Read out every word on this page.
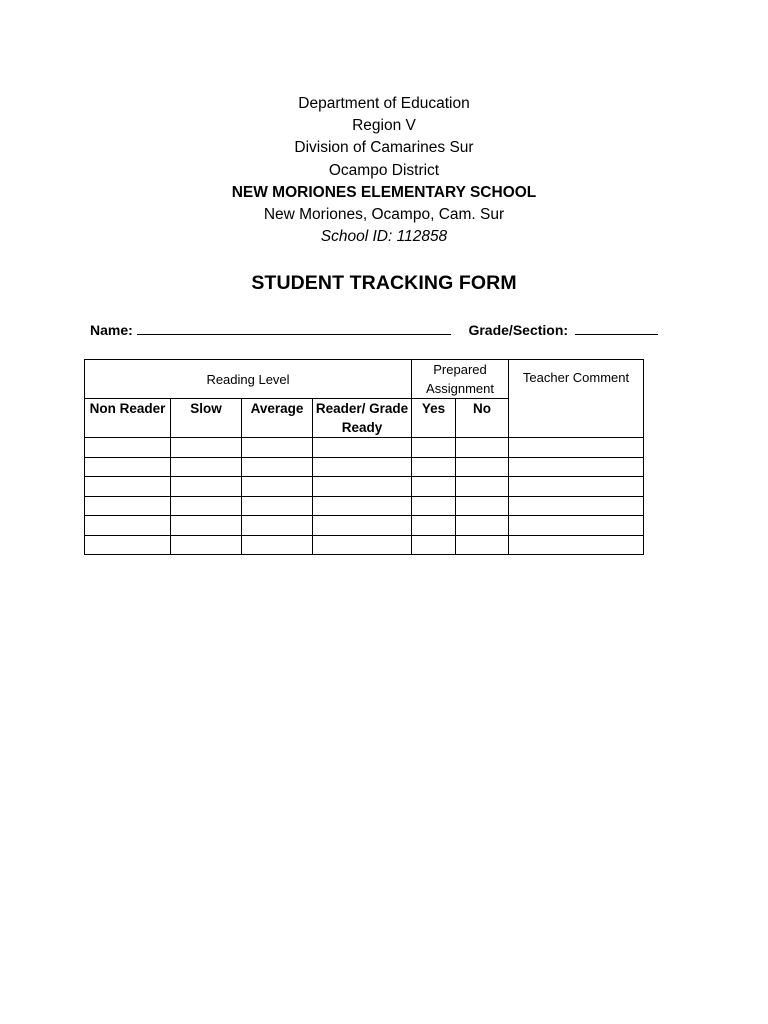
Department of Education
Region V
Division of Camarines Sur
Ocampo District
NEW MORIONES ELEMENTARY SCHOOL
New Moriones, Ocampo, Cam. Sur
School ID: 112858
STUDENT TRACKING FORM
Name:	Grade/Section:
Reading Level				Prepared Assignment		Teacher Comment
Non Reader	Slow	Average	Reader/ Grade Ready	Yes	No	
